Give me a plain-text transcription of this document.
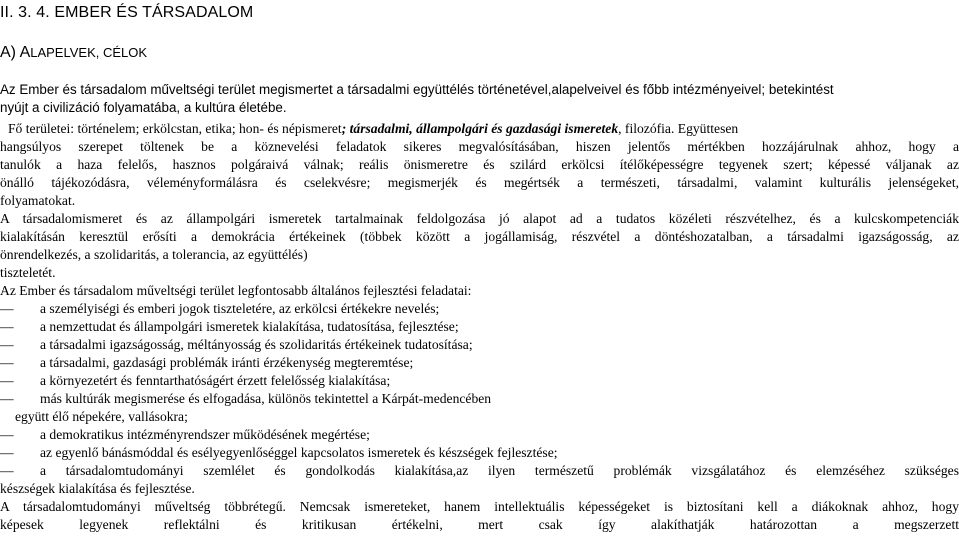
II. 3. 4. EMBER ÉS TÁRSADALOM
A) ALAPELVEK, CÉLOK
Az Ember és társadalom műveltségi terület megismertet a társadalmi együttélés történetével,alapelveivel és főbb intézményeivel; betekintést
nyújt a civilizáció folyamatába, a kultúra életébe.
Fő területei: történelem; erkölcstan, etika; hon- és népismeret; társadalmi, állampolgári és gazdasági ismeretek, filozófia. Együttesen
hangsúlyos szerepet töltenek be a köznevelési feladatok sikeres megvalósításában, hiszen jelentős mértékben hozzájárulnak ahhoz, hogy a
tanulók a haza felelős, hasznos polgáraivá válnak; reális önismeretre és szilárd erkölcsi ítélőképességre tegyenek szert; képessé váljanak az
önálló tájékozódásra, véleményformálásra és cselekvésre; megismerjék és megértsék a természeti, társadalmi, valamint kulturális jelenségeket,
folyamatokat.
A társadalomismeret és az állampolgári ismeretek tartalmainak feldolgozása jó alapot ad a tudatos közéleti részvételhez, és a kulcskompetenciák
kialakításán keresztül erősíti a demokrácia értékeinek (többek között a jogállamiság, részvétel a döntéshozatalban, a társadalmi igazságosság, az
önrendelkezés, a szolidaritás, a tolerancia, az együttélés)
tiszteletét.
Az Ember és társadalom műveltségi terület legfontosabb általános fejlesztési feladatai:
— a személyiségi és emberi jogok tiszteletére, az erkölcsi értékekre nevelés;
— a nemzettudat és állampolgári ismeretek kialakítása, tudatosítása, fejlesztése;
— a társadalmi igazságosság, méltányosság és szolidaritás értékeinek tudatosítása;
— a társadalmi, gazdasági problémák iránti érzékenység megteremtése;
— a környezetért és fenntarthatóságért érzett felelősség kialakítása;
— más kultúrák megismerése és elfogadása, különös tekintettel a Kárpát-medencében
együtt élő népekére, vallásokra;
— a demokratikus intézményrendszer működésének megértése;
— az egyenlő bánásmóddal és esélyegyenlőséggel kapcsolatos ismeretek és készségek fejlesztése;
—	a társadalomtudományi szemlélet és gondolkodás kialakítása,az ilyen természetű problémák vizsgálatához és elemzéséhez szükséges
készségek kialakítása és fejlesztése.
A társadalomtudományi műveltség többrétegű. Nemcsak ismereteket, hanem intellektuális képességeket is biztosítani kell a diákoknak ahhoz, hogy
képesek legyenek reflektálni és kritikusan értékelni, mert csak így alakíthatják határozottan a megszerzett
